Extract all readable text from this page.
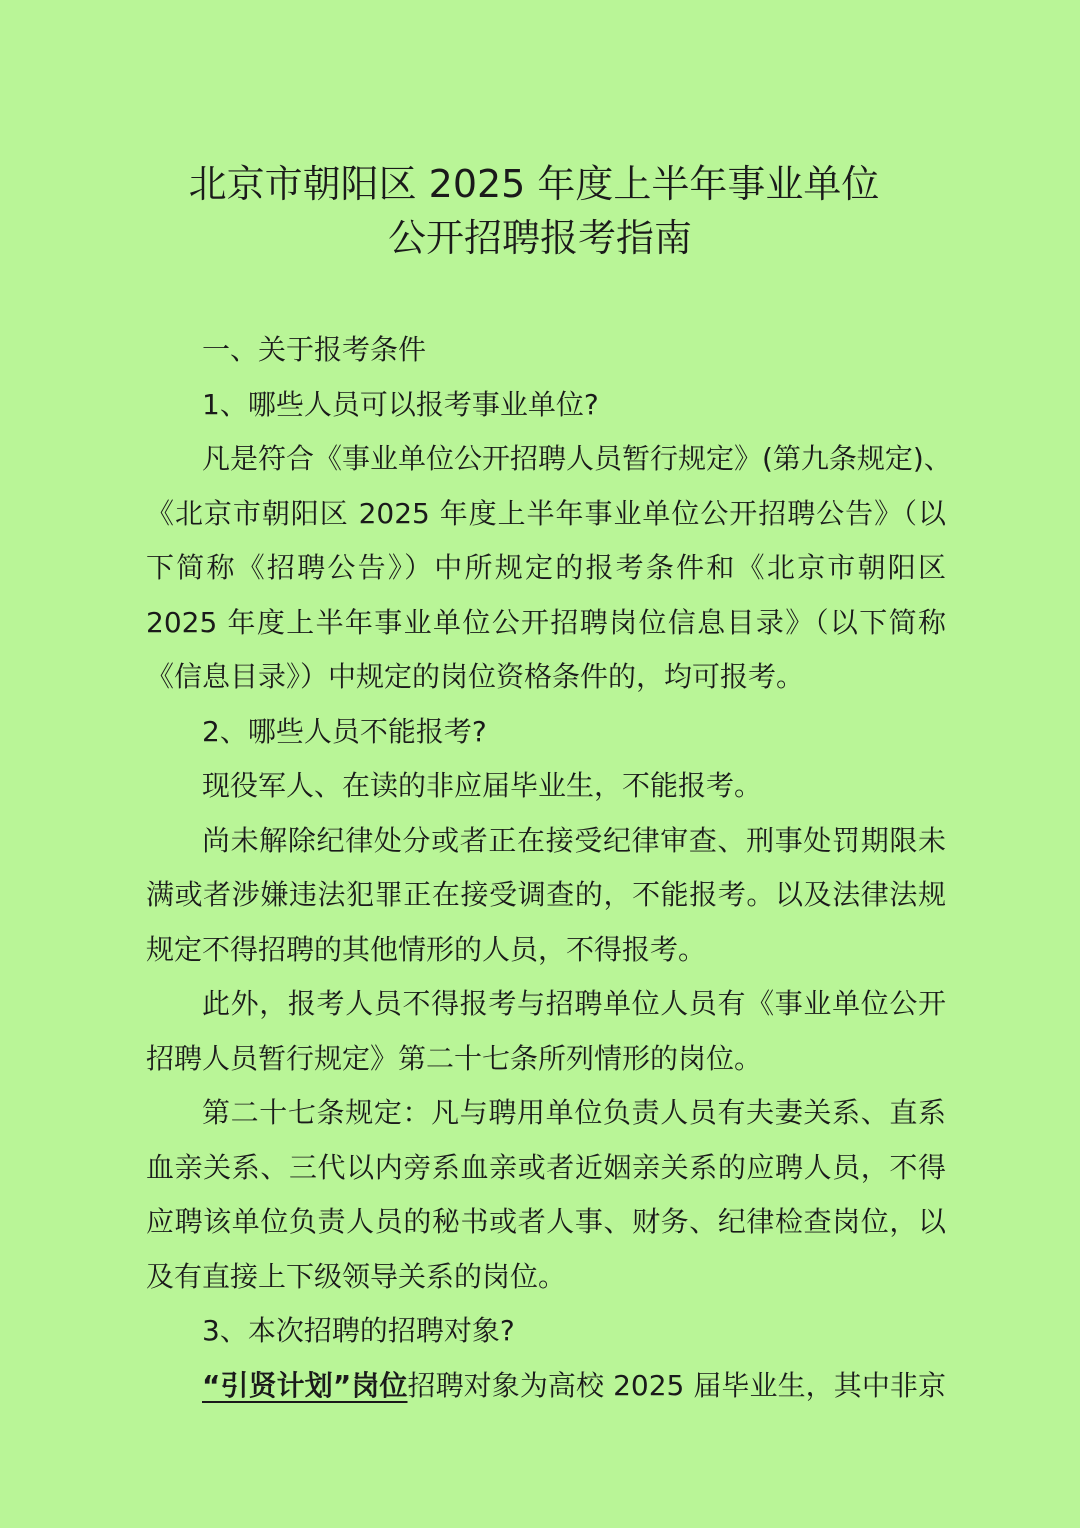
北京市朝阳区 2025 年度上半年事业单位
公开招聘报考指南
一、关于报考条件
1、哪些人员可以报考事业单位?
凡是符合《事业单位公开招聘人员暂行规定》(第九条规定)、
《北京市朝阳区 2025 年度上半年事业单位公开招聘公告》（以
下简称《招聘公告》）中所规定的报考条件和《北京市朝阳区
2025 年度上半年事业单位公开招聘岗位信息目录》（以下简称
《信息目录》）中规定的岗位资格条件的，均可报考。
2、哪些人员不能报考?
现役军人、在读的非应届毕业生，不能报考。
尚未解除纪律处分或者正在接受纪律审查、刑事处罚期限未
满或者涉嫌违法犯罪正在接受调查的，不能报考。以及法律法规
规定不得招聘的其他情形的人员，不得报考。
此外，报考人员不得报考与招聘单位人员有《事业单位公开
招聘人员暂行规定》第二十七条所列情形的岗位。
第二十七条规定：凡与聘用单位负责人员有夫妻关系、直系
血亲关系、三代以内旁系血亲或者近姻亲关系的应聘人员，不得
应聘该单位负责人员的秘书或者人事、财务、纪律检查岗位，以
及有直接上下级领导关系的岗位。
3、本次招聘的招聘对象?
“引贤计划”岗位招聘对象为高校 2025 届毕业生，其中非京
